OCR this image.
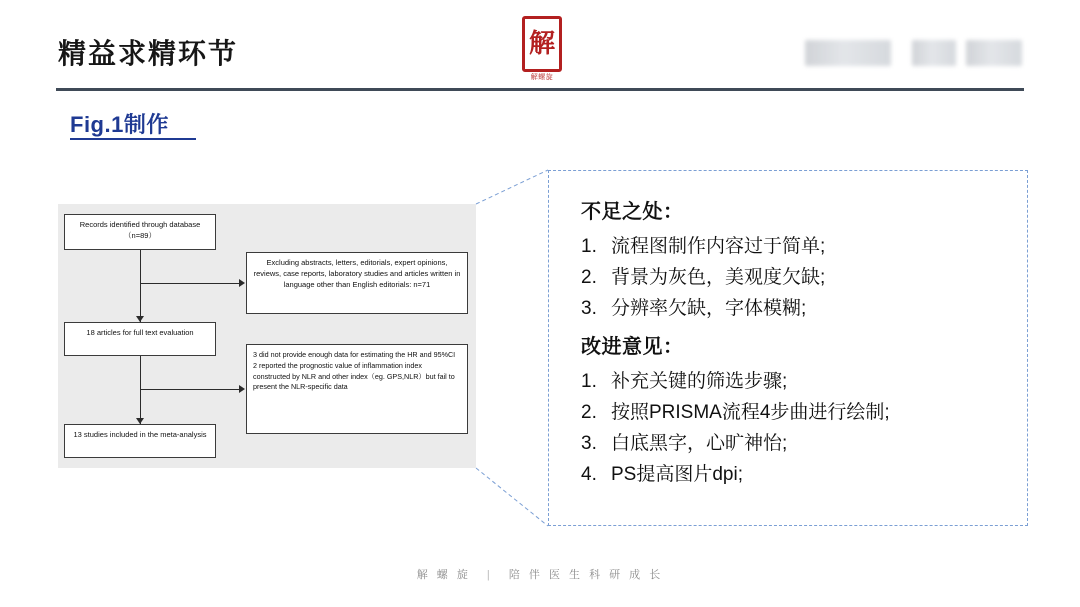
精益求精环节	解
解螺旋
Fig.1制作
Records identified through database（n=89）
Excluding abstracts, letters, editorials, expert opinions, reviews, case reports, laboratory studies and articles written in language other than English editorials: n=71
18 articles for full text evaluation
3 did not provide enough data for estimating the HR and 95%CI 2 reported the prognostic value of inflammation index constructed by NLR and other index（eg. GPS,NLR）but fail to present the NLR-specific data
13 studies included in the meta-analysis
不足之处：
1. 流程图制作内容过于简单;
2. 背景为灰色，美观度欠缺;
3. 分辨率欠缺，字体模糊;
改进意见：
1. 补充关键的筛选步骤;
2. 按照PRISMA流程4步曲进行绘制;
3. 白底黑字，心旷神怡;
4. PS提高图片dpi;
解 螺 旋 | 陪 伴 医 生 科 研 成 长
